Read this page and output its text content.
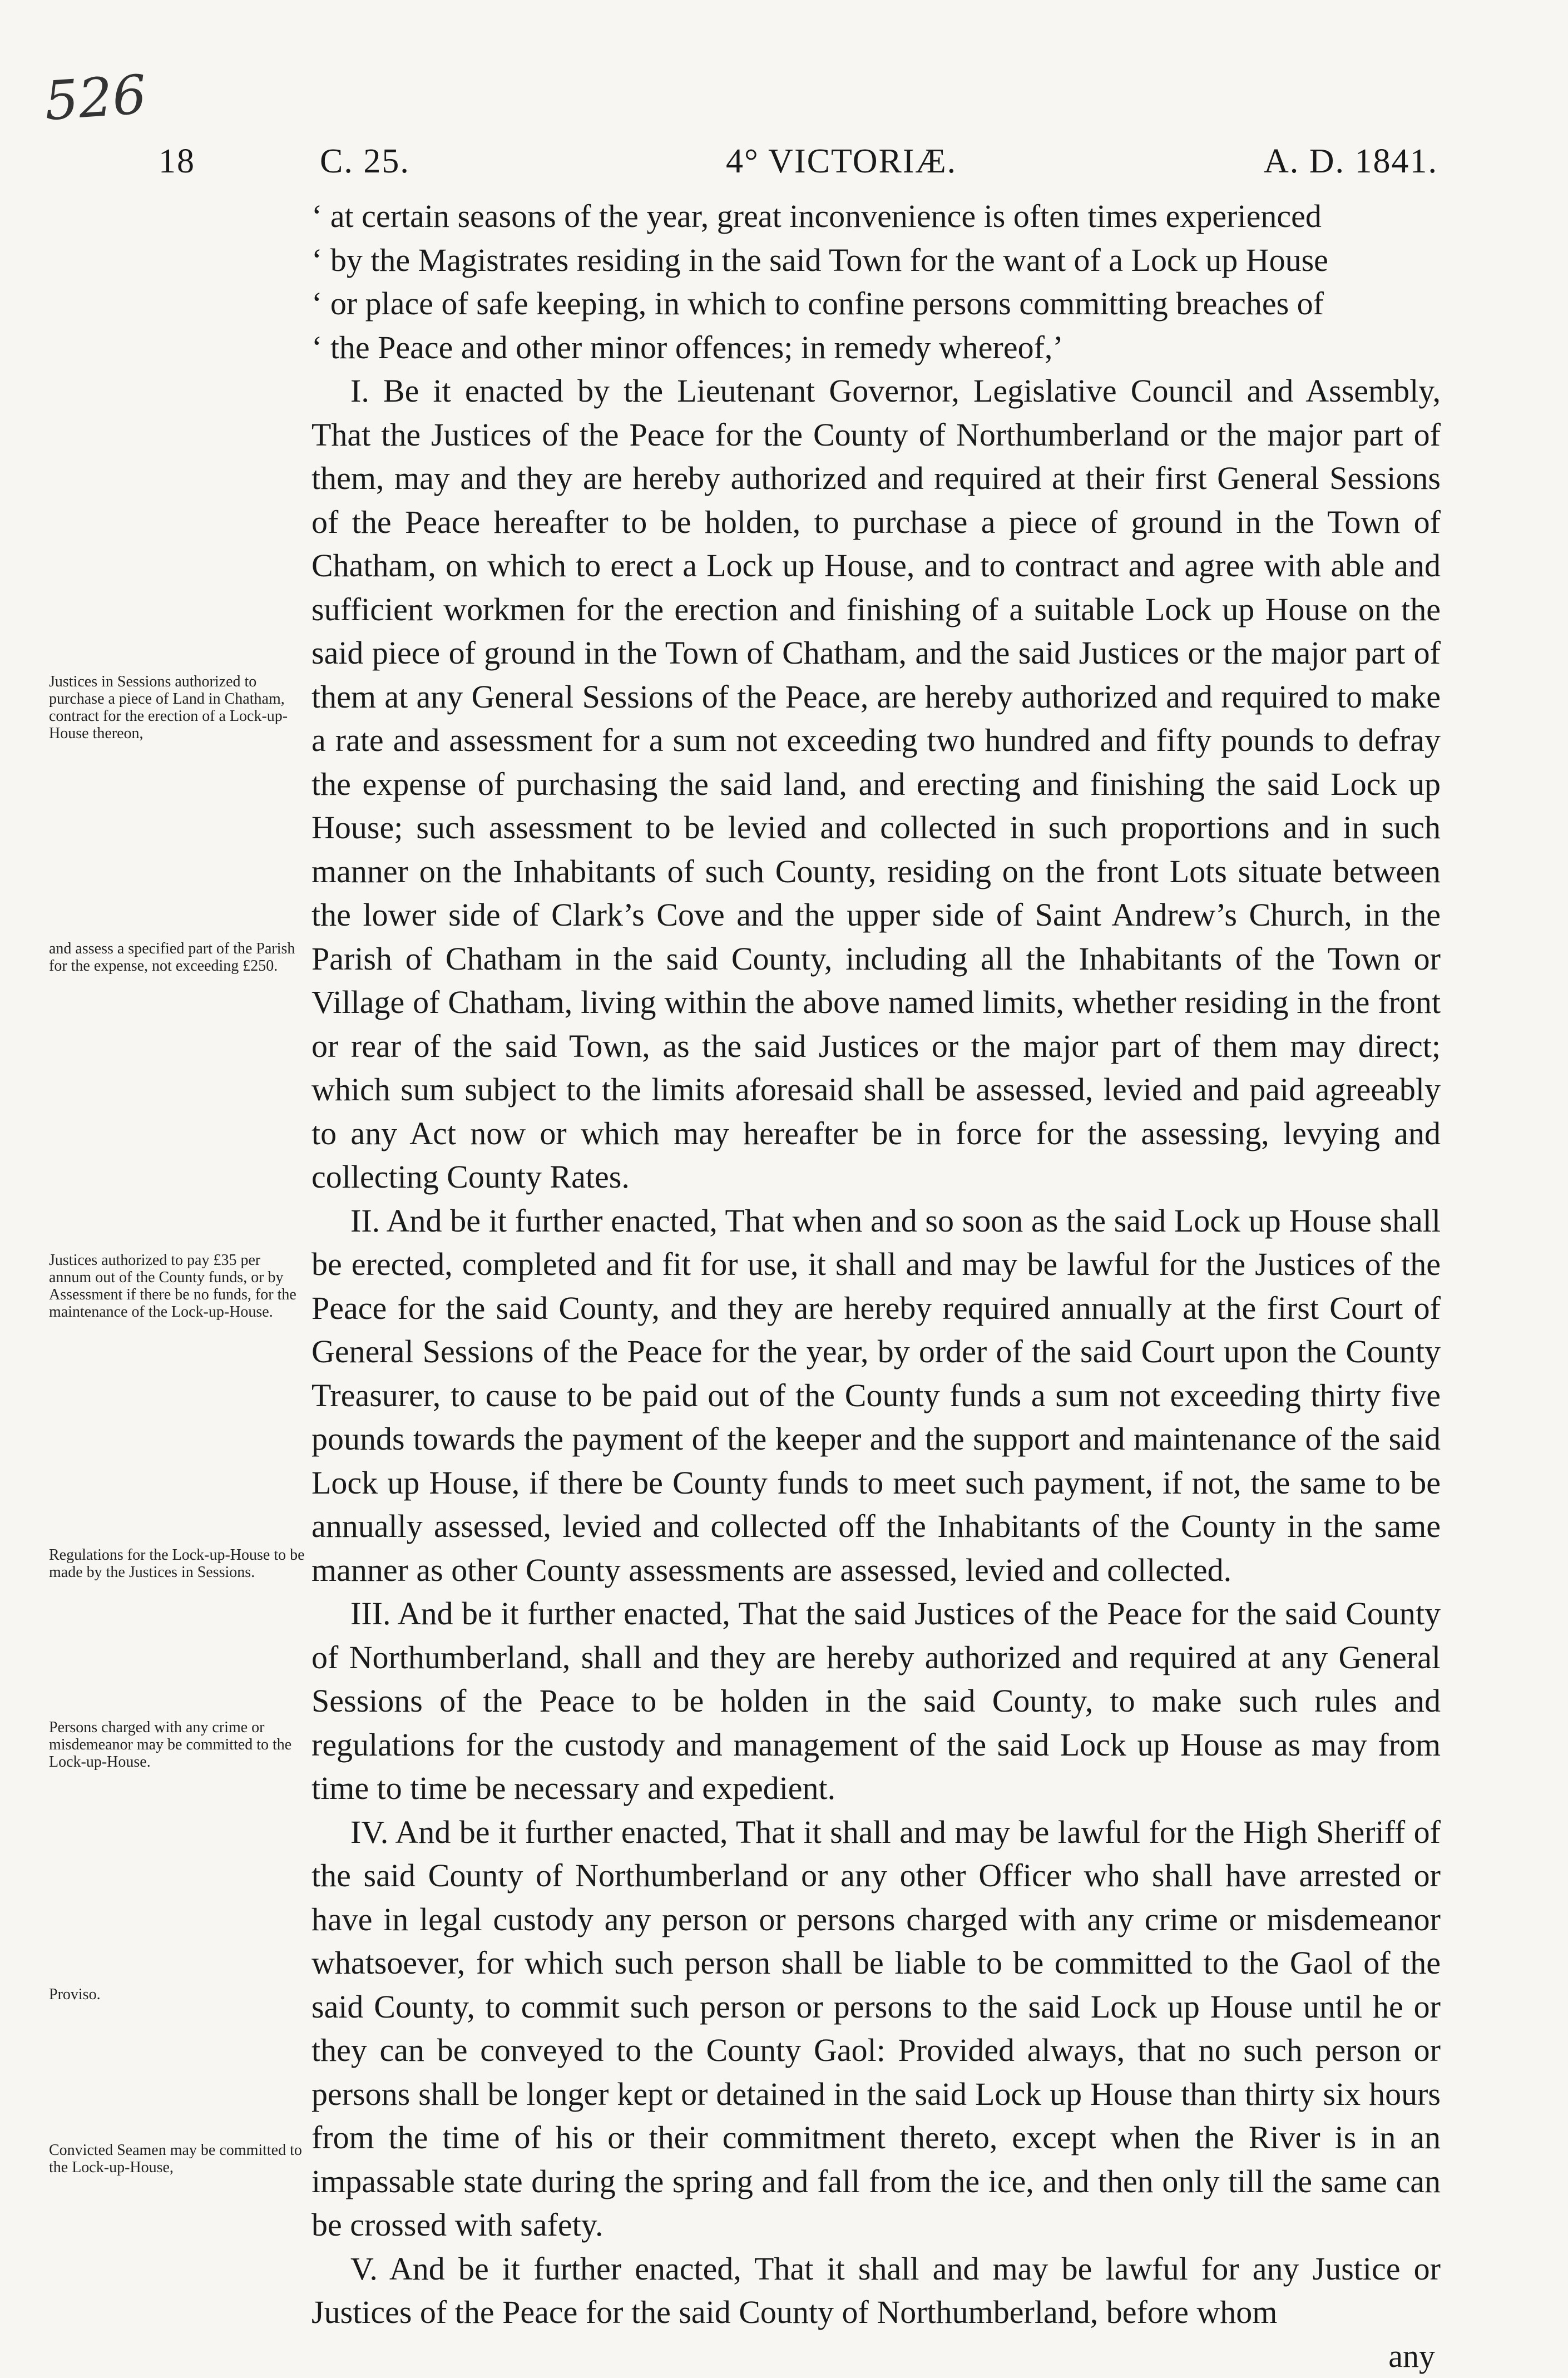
526
18	C. 25.	4° VICTORIÆ.	A. D. 1841.

‘ at certain seasons of the year, great inconvenience is often times experienced
‘ by the Magistrates residing in the said Town for the want of a Lock up House
‘ or place of safe keeping, in which to confine persons committing breaches of
‘ the Peace and other minor offences; in remedy whereof,’

I. Be it enacted by the Lieutenant Governor, Legislative Council and Assembly, That the Justices of the Peace for the County of Northumberland or the major part of them, may and they are hereby authorized and required at their first General Sessions of the Peace hereafter to be holden, to purchase a piece of ground in the Town of Chatham, on which to erect a Lock up House, and to contract and agree with able and sufficient workmen for the erection and finishing of a suitable Lock up House on the said piece of ground in the Town of Chatham, and the said Justices or the major part of them at any General Sessions of the Peace, are hereby authorized and required to make a rate and assessment for a sum not exceeding two hundred and fifty pounds to defray the expense of purchasing the said land, and erecting and finishing the said Lock up House; such assessment to be levied and collected in such proportions and in such manner on the Inhabitants of such County, residing on the front Lots situate between the lower side of Clark’s Cove and the upper side of Saint Andrew’s Church, in the Parish of Chatham in the said County, including all the Inhabitants of the Town or Village of Chatham, living within the above named limits, whether residing in the front or rear of the said Town, as the said Justices or the major part of them may direct; which sum subject to the limits aforesaid shall be assessed, levied and paid agreeably to any Act now or which may hereafter be in force for the assessing, levying and collecting County Rates.

II. And be it further enacted, That when and so soon as the said Lock up House shall be erected, completed and fit for use, it shall and may be lawful for the Justices of the Peace for the said County, and they are hereby required annually at the first Court of General Sessions of the Peace for the year, by order of the said Court upon the County Treasurer, to cause to be paid out of the County funds a sum not exceeding thirty five pounds towards the payment of the keeper and the support and maintenance of the said Lock up House, if there be County funds to meet such payment, if not, the same to be annually assessed, levied and collected off the Inhabitants of the County in the same manner as other County assessments are assessed, levied and collected.

III. And be it further enacted, That the said Justices of the Peace for the said County of Northumberland, shall and they are hereby authorized and required at any General Sessions of the Peace to be holden in the said County, to make such rules and regulations for the custody and management of the said Lock up House as may from time to time be necessary and expedient.

IV. And be it further enacted, That it shall and may be lawful for the High Sheriff of the said County of Northumberland or any other Officer who shall have arrested or have in legal custody any person or persons charged with any crime or misdemeanor whatsoever, for which such person shall be liable to be committed to the Gaol of the said County, to commit such person or persons to the said Lock up House until he or they can be conveyed to the County Gaol: Provided always, that no such person or persons shall be longer kept or detained in the said Lock up House than thirty six hours from the time of his or their commitment thereto, except when the River is in an impassable state during the spring and fall from the ice, and then only till the same can be crossed with safety.

V. And be it further enacted, That it shall and may be lawful for any Justice or Justices of the Peace for the said County of Northumberland, before whom

any

Justices in Sessions authorized to purchase a piece of Land in Chatham, contract for the erection of a Lock-up-House thereon,
and assess a specified part of the Parish for the expense, not exceeding £250.
Justices authorized to pay £35 per annum out of the County funds, or by Assessment if there be no funds, for the maintenance of the Lock-up-House.
Regulations for the Lock-up-House to be made by the Justices in Sessions.
Persons charged with any crime or misdemeanor may be committed to the Lock-up-House.
Proviso.
Convicted Seamen may be committed to the Lock-up-House,
